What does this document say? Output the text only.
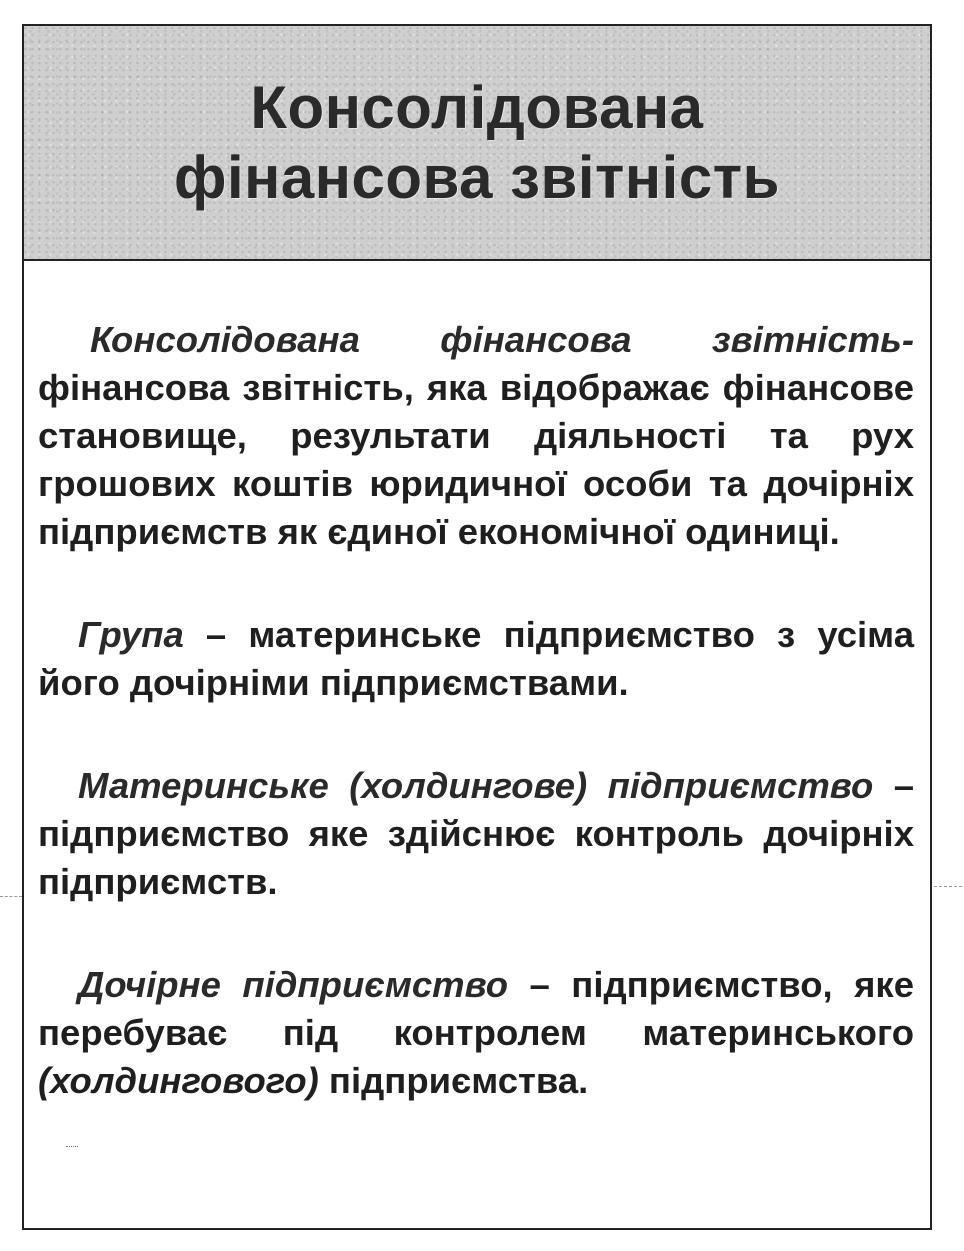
Консолідована фінансова звітність

Консолідована фінансова звітність- фінансова звітність, яка відображає фінансове становище, результати діяльності та рух грошових коштів юридичної особи та дочірніх підприємств як єдиної економічної одиниці.

Група – материнське підприємство з усіма його дочірніми підприємствами.

Материнське (холдингове) підприємство – підприємство яке здійснює контроль дочірніх підприємств.

Дочірне підприємство – підприємство, яке перебуває під контролем материнського (холдингового) підприємства.
